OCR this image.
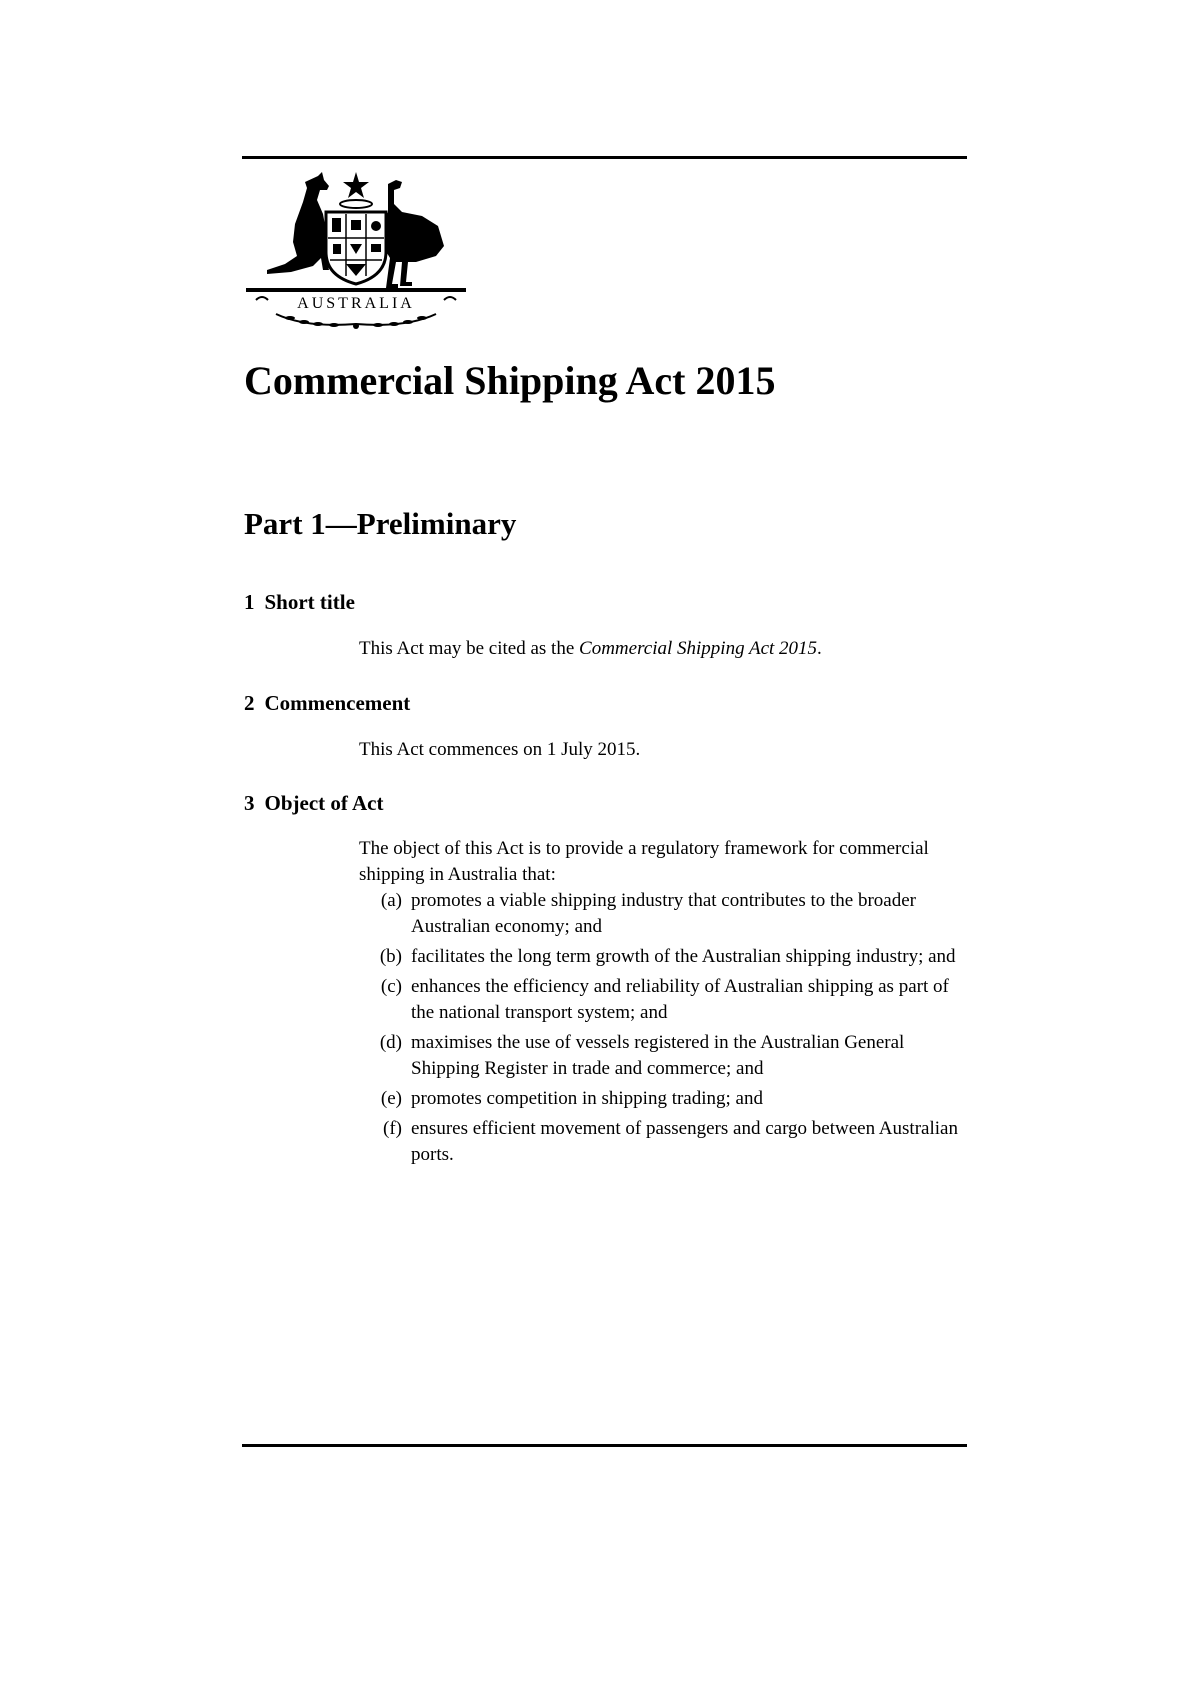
AUSTRALIA
Commercial Shipping Act 2015
Part 1—Preliminary
1 Short title

This Act may be cited as the Commercial Shipping Act 2015.

2 Commencement

This Act commences on 1 July 2015.

3 Object of Act

The object of this Act is to provide a regulatory framework for commercial shipping in Australia that:

(a) promotes a viable shipping industry that contributes to the broader Australian economy; and
(b) facilitates the long term growth of the Australian shipping industry; and
(c) enhances the efficiency and reliability of Australian shipping as part of the national transport system; and
(d) maximises the use of vessels registered in the Australian General Shipping Register in trade and commerce; and
(e) promotes competition in shipping trading; and
(f) ensures efficient movement of passengers and cargo between Australian ports.
